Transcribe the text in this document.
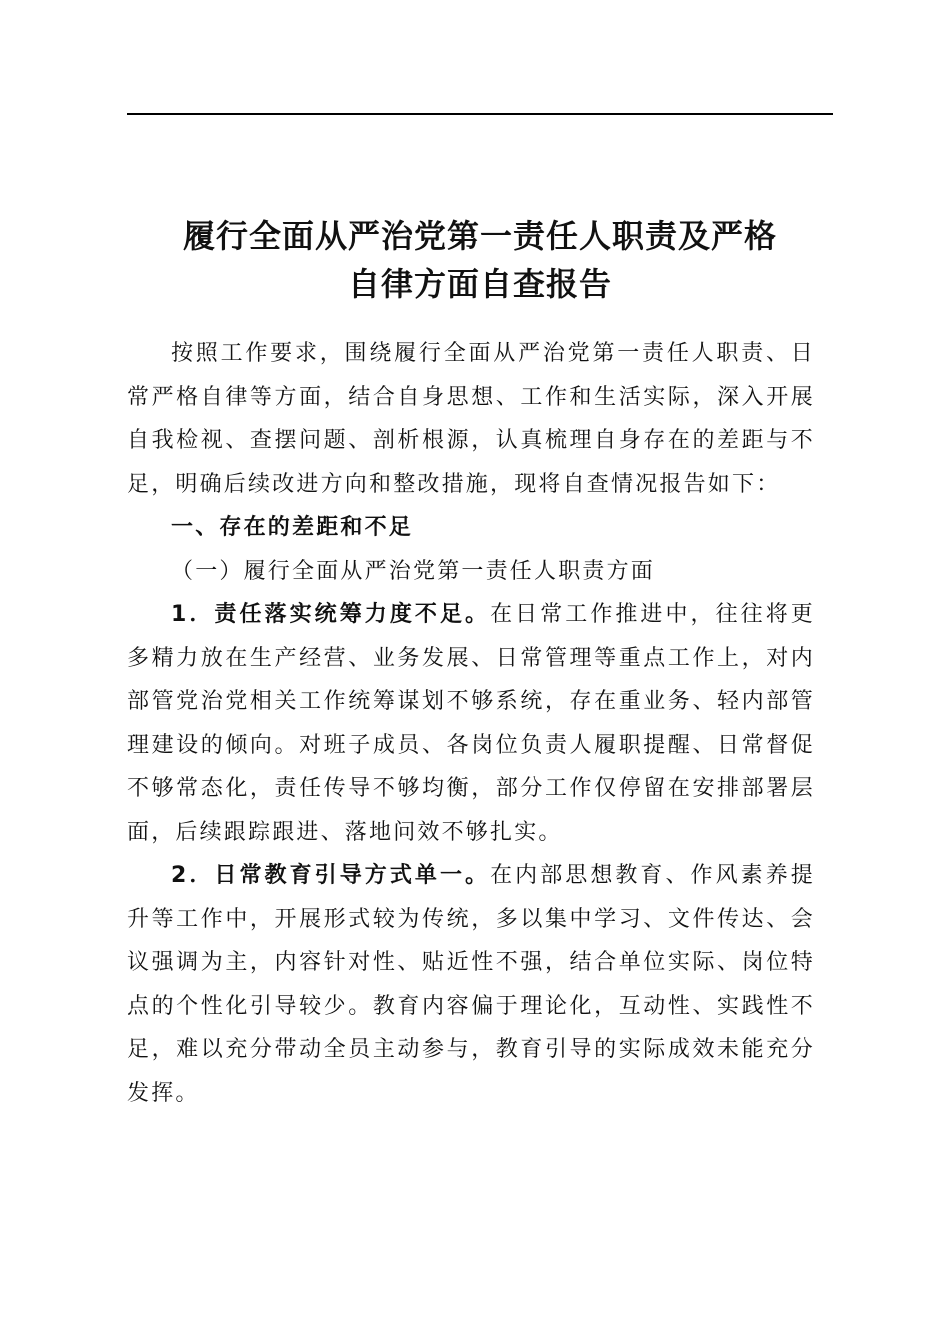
履行全面从严治党第一责任人职责及严格
自律方面自查报告

按照工作要求，围绕履行全面从严治党第一责任人职责、日常严格自律等方面，结合自身思想、工作和生活实际，深入开展自我检视、查摆问题、剖析根源，认真梳理自身存在的差距与不足，明确后续改进方向和整改措施，现将自查情况报告如下：

一、存在的差距和不足

（一）履行全面从严治党第一责任人职责方面

1．责任落实统筹力度不足。在日常工作推进中，往往将更多精力放在生产经营、业务发展、日常管理等重点工作上，对内部管党治党相关工作统筹谋划不够系统，存在重业务、轻内部管理建设的倾向。对班子成员、各岗位负责人履职提醒、日常督促不够常态化，责任传导不够均衡，部分工作仅停留在安排部署层面，后续跟踪跟进、落地问效不够扎实。

2．日常教育引导方式单一。在内部思想教育、作风素养提升等工作中，开展形式较为传统，多以集中学习、文件传达、会议强调为主，内容针对性、贴近性不强，结合单位实际、岗位特点的个性化引导较少。教育内容偏于理论化，互动性、实践性不足，难以充分带动全员主动参与，教育引导的实际成效未能充分发挥。
